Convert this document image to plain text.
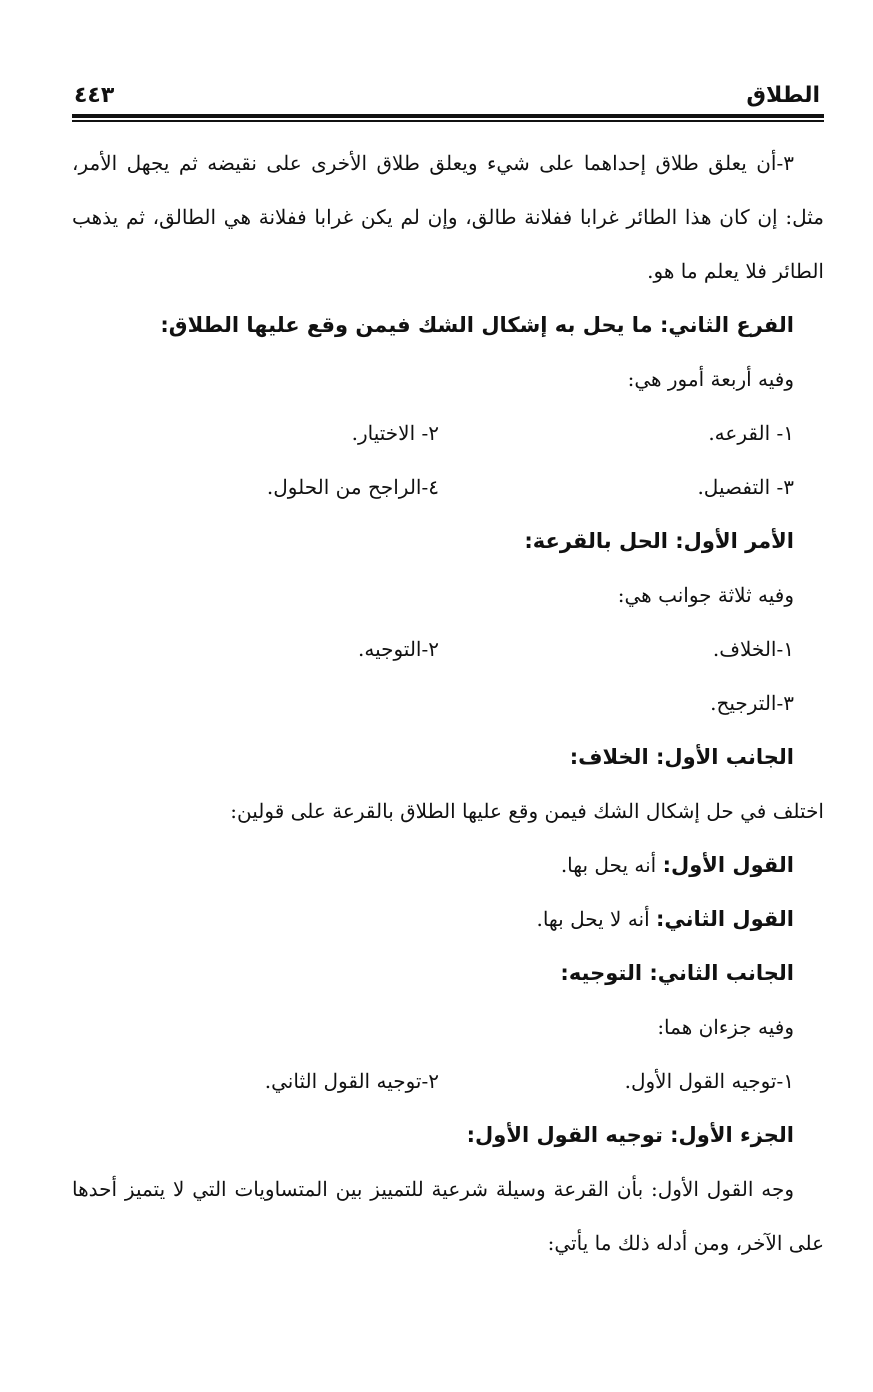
الطلاق
٤٤٣

٣-أن يعلق طلاق إحداهما على شيء ويعلق طلاق الأخرى على نقيضه ثم يجهل الأمر، مثل: إن كان هذا الطائر غرابا ففلانة طالق، وإن لم يكن غرابا ففلانة هي الطالق، ثم يذهب الطائر فلا يعلم ما هو.

الفرع الثاني: ما يحل به إشكال الشك فيمن وقع عليها الطلاق:

وفيه أربعة أمور هي:

١- القرعه.
٢- الاختيار.
٣- التفصيل.
٤-الراجح من الحلول.

الأمر الأول: الحل بالقرعة:

وفيه ثلاثة جوانب هي:

١-الخلاف.
٢-التوجيه.

٣-الترجيح.

الجانب الأول: الخلاف:

اختلف في حل إشكال الشك فيمن وقع عليها الطلاق بالقرعة على قولين:

القول الأول: أنه يحل بها.

القول الثاني: أنه لا يحل بها.

الجانب الثاني: التوجيه:

وفيه جزءان هما:

١-توجيه القول الأول.
٢-توجيه القول الثاني.

الجزء الأول: توجيه القول الأول:

وجه القول الأول: بأن القرعة وسيلة شرعية للتمييز بين المتساويات التي لا يتميز أحدها على الآخر، ومن أدله ذلك ما يأتي:
